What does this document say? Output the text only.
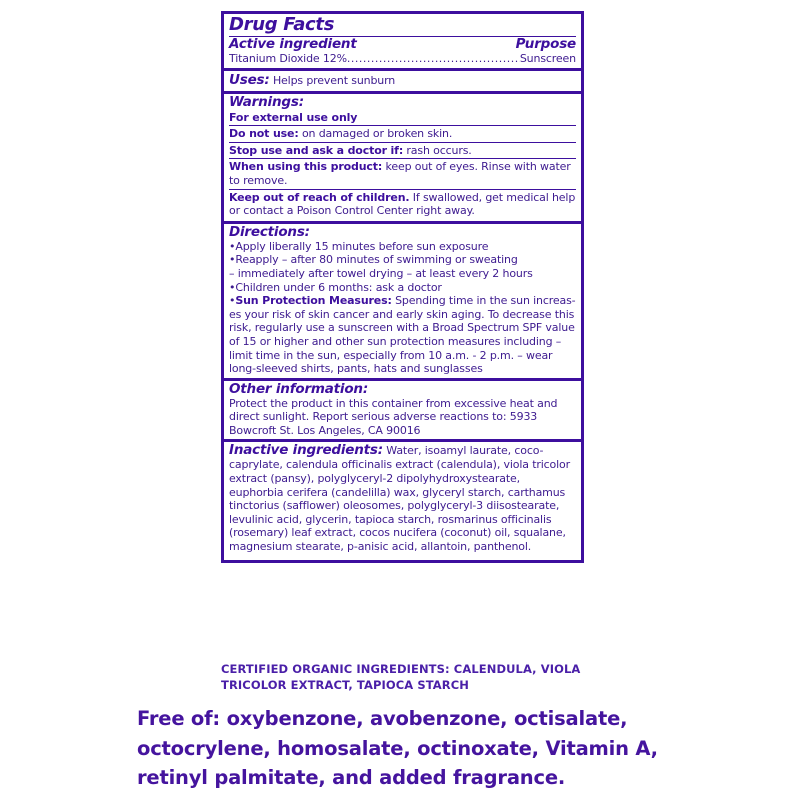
Drug Facts
Active ingredient	Purpose
Titanium Dioxide 12% .....	Sunscreen
Uses: Helps prevent sunburn
Warnings:
For external use only
Do not use: on damaged or broken skin.
Stop use and ask a doctor if: rash occurs.
When using this product: keep out of eyes. Rinse with water to remove.
Keep out of reach of children. If swallowed, get medical help or contact a Poison Control Center right away.
Directions:
• Apply liberally 15 minutes before sun exposure
• Reapply – after 80 minutes of swimming or sweating
– immediately after towel drying – at least every 2 hours
• Children under 6 months: ask a doctor
• Sun Protection Measures: Spending time in the sun increas-es your risk of skin cancer and early skin aging. To decrease this risk, regularly use a sunscreen with a Broad Spectrum SPF value of 15 or higher and other sun protection measures including – limit time in the sun, especially from 10 a.m. - 2 p.m. – wear long-sleeved shirts, pants, hats and sunglasses
Other information:
Protect the product in this container from excessive heat and direct sunlight. Report serious adverse reactions to: 5933 Bowcroft St. Los Angeles, CA 90016
Inactive ingredients: Water, isoamyl laurate, coco-caprylate, calendula officinalis extract (calendula), viola tricolor extract (pansy), polyglyceryl-2 dipolyhydroxystearate, euphorbia cerifera (candelilla) wax, glyceryl starch, carthamus tinctorius (safflower) oleosomes, polyglyceryl-3 diisostearate, levulinic acid, glycerin, tapioca starch, rosmarinus officinalis (rosemary) leaf extract, cocos nucifera (coconut) oil, squalane, magnesium stearate, p-anisic acid, allantoin, panthenol.
CERTIFIED ORGANIC INGREDIENTS: CALENDULA, VIOLA TRICOLOR EXTRACT, TAPIOCA STARCH
Free of: oxybenzone, avobenzone, octisalate, octocrylene, homosalate, octinoxate, Vitamin A, retinyl palmitate, and added fragrance.
